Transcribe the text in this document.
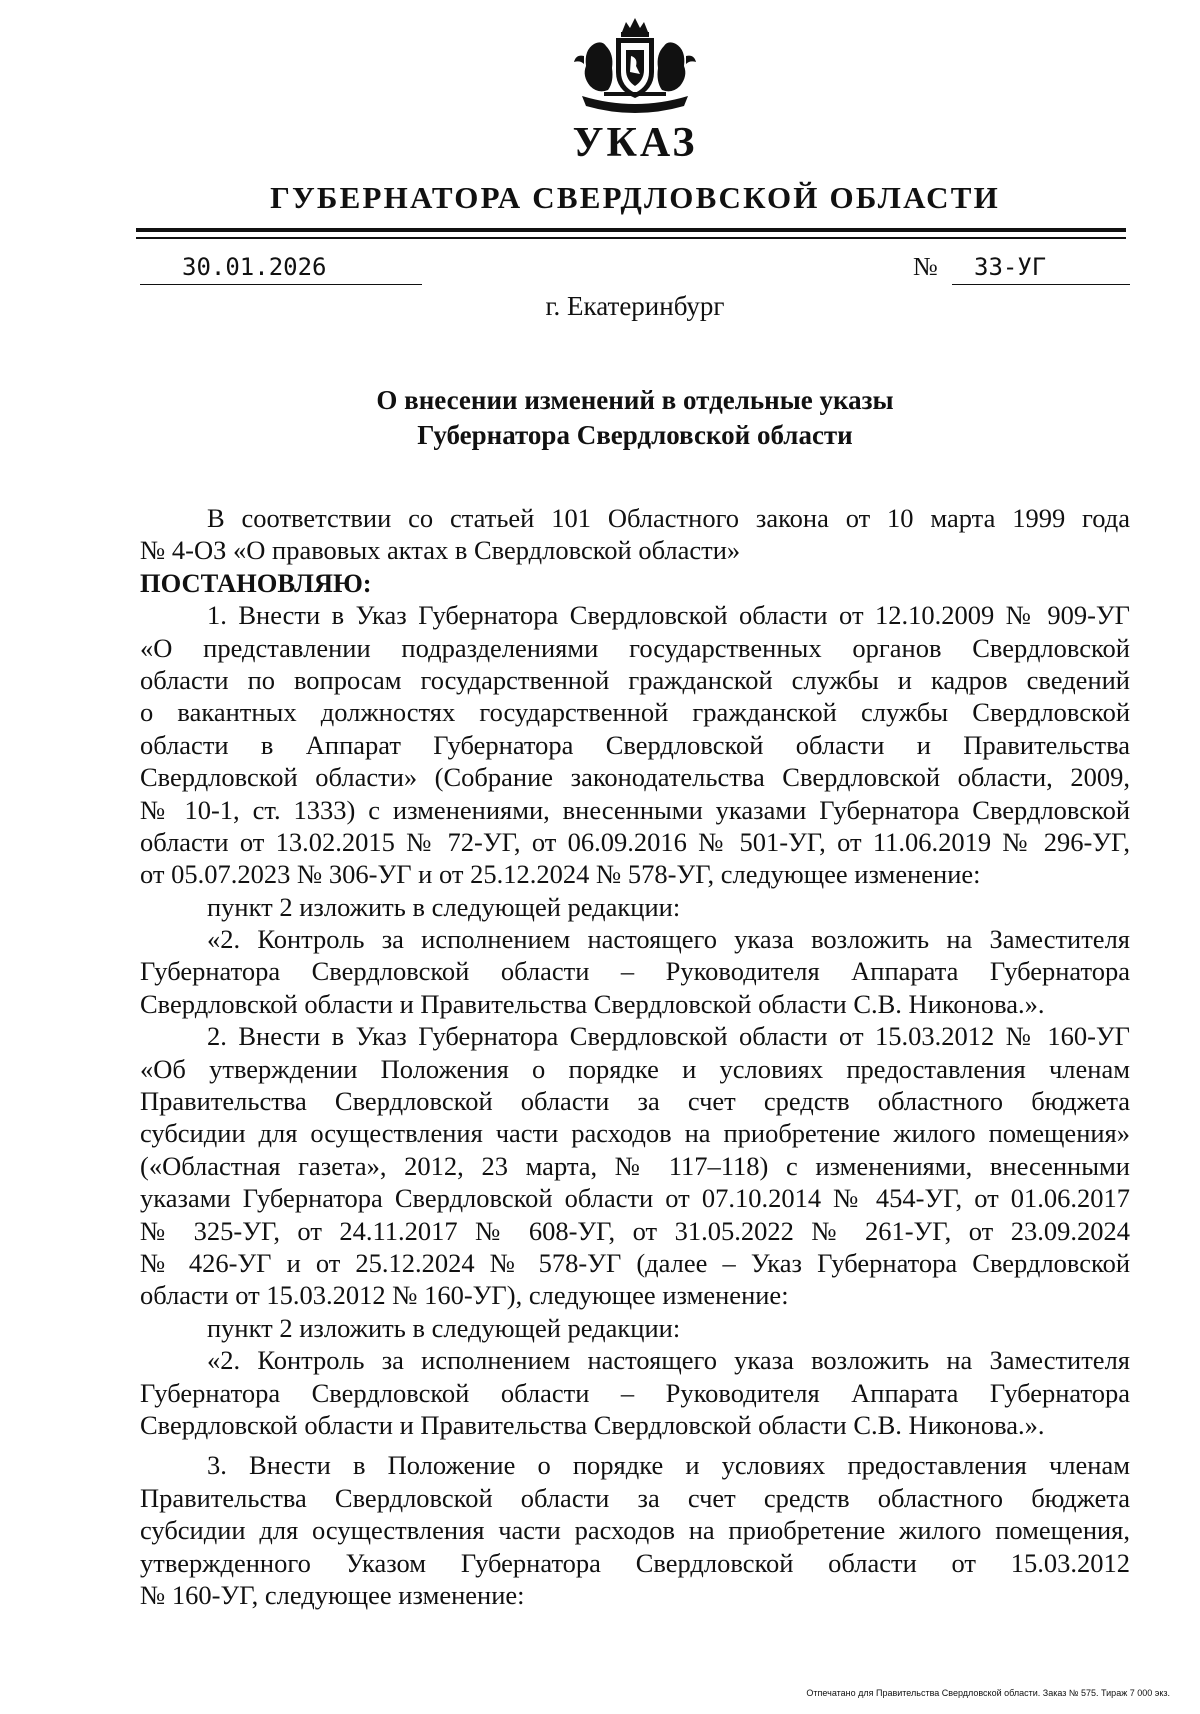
УКАЗ
ГУБЕРНАТОРА СВЕРДЛОВСКОЙ ОБЛАСТИ
30.01.2026	№ 33-УГ
г. Екатеринбург
О внесении изменений в отдельные указы
Губернатора Свердловской области
В соответствии со статьей 101 Областного закона от 10 марта 1999 года
№ 4-ОЗ «О правовых актах в Свердловской области»
ПОСТАНОВЛЯЮ:
1. Внести в Указ Губернатора Свердловской области от 12.10.2009 № 909-УГ
«О представлении подразделениями государственных органов Свердловской
области по вопросам государственной гражданской службы и кадров сведений
о вакантных должностях государственной гражданской службы Свердловской
области в Аппарат Губернатора Свердловской области и Правительства
Свердловской области» (Собрание законодательства Свердловской области, 2009,
№ 10-1, ст. 1333) с изменениями, внесенными указами Губернатора Свердловской
области от 13.02.2015 № 72-УГ, от 06.09.2016 № 501-УГ, от 11.06.2019 № 296-УГ,
от 05.07.2023 № 306-УГ и от 25.12.2024 № 578-УГ, следующее изменение:
пункт 2 изложить в следующей редакции:
«2. Контроль за исполнением настоящего указа возложить на Заместителя
Губернатора Свердловской области – Руководителя Аппарата Губернатора
Свердловской области и Правительства Свердловской области С.В. Никонова.».
2. Внести в Указ Губернатора Свердловской области от 15.03.2012 № 160-УГ
«Об утверждении Положения о порядке и условиях предоставления членам
Правительства Свердловской области за счет средств областного бюджета
субсидии для осуществления части расходов на приобретение жилого помещения»
(«Областная газета», 2012, 23 марта, № 117–118) с изменениями, внесенными
указами Губернатора Свердловской области от 07.10.2014 № 454-УГ, от 01.06.2017
№ 325-УГ, от 24.11.2017 № 608-УГ, от 31.05.2022 № 261-УГ, от 23.09.2024
№ 426-УГ и от 25.12.2024 № 578-УГ (далее – Указ Губернатора Свердловской
области от 15.03.2012 № 160-УГ), следующее изменение:
пункт 2 изложить в следующей редакции:
«2. Контроль за исполнением настоящего указа возложить на Заместителя
Губернатора Свердловской области – Руководителя Аппарата Губернатора
Свердловской области и Правительства Свердловской области С.В. Никонова.».
3. Внести в Положение о порядке и условиях предоставления членам
Правительства Свердловской области за счет средств областного бюджета
субсидии для осуществления части расходов на приобретение жилого помещения,
утвержденного Указом Губернатора Свердловской области от 15.03.2012
№ 160-УГ, следующее изменение:
Отпечатано для Правительства Свердловской области. Заказ № 575. Тираж 7 000 экз.
